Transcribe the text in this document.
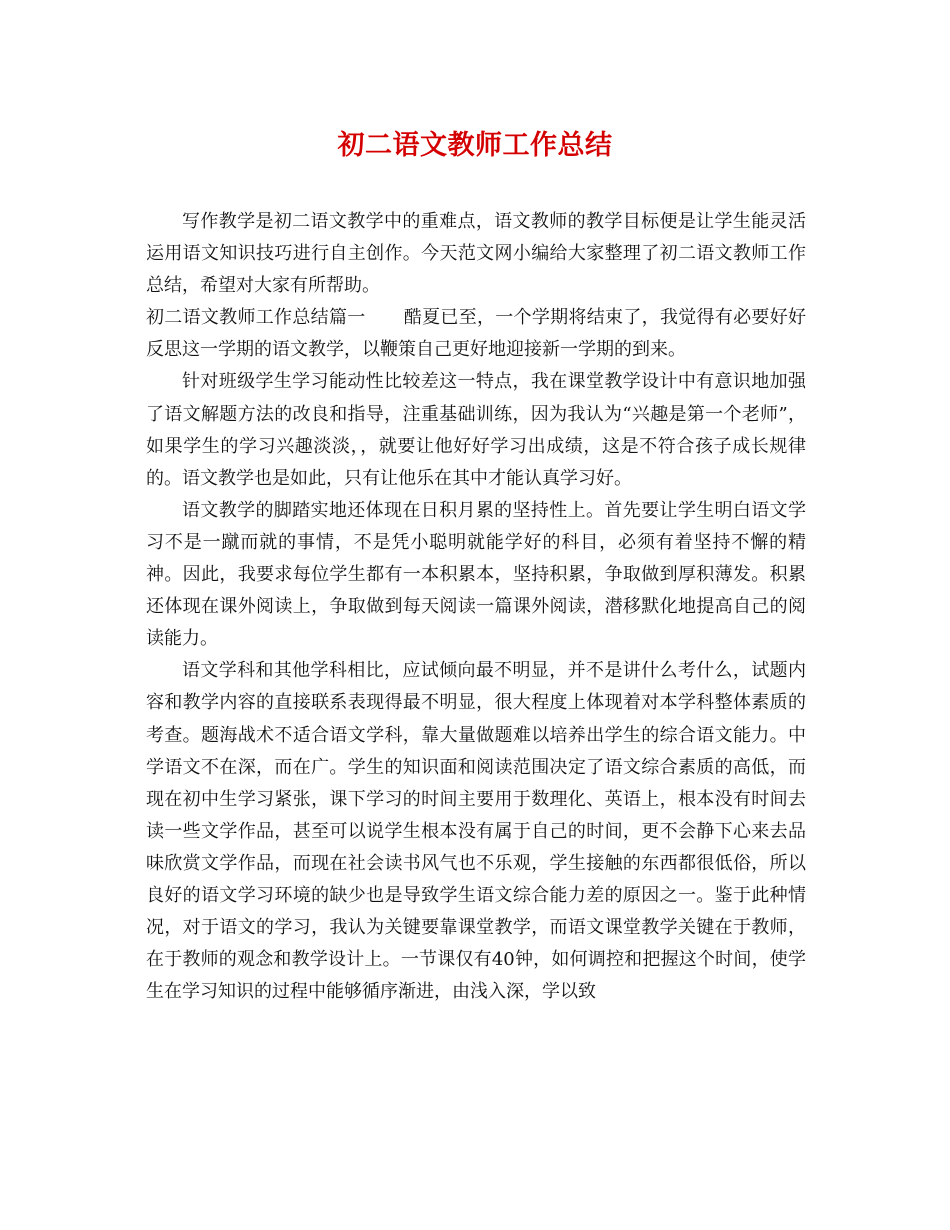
初二语文教师工作总结

写作教学是初二语文教学中的重难点，语文教师的教学目标便是让学生能灵活运用语文知识技巧进行自主创作。今天范文网小编给大家整理了初二语文教师工作总结，希望对大家有所帮助。

初二语文教师工作总结篇一 酷夏已至，一个学期将结束了，我觉得有必要好好反思这一学期的语文教学，以鞭策自己更好地迎接新一学期的到来。

针对班级学生学习能动性比较差这一特点，我在课堂教学设计中有意识地加强了语文解题方法的改良和指导，注重基础训练，因为我认为“兴趣是第一个老师”，如果学生的学习兴趣淡淡，，就要让他好好学习出成绩，这是不符合孩子成长规律的。语文教学也是如此，只有让他乐在其中才能认真学习好。

语文教学的脚踏实地还体现在日积月累的坚持性上。首先要让学生明白语文学习不是一蹴而就的事情，不是凭小聪明就能学好的科目，必须有着坚持不懈的精神。因此，我要求每位学生都有一本积累本，坚持积累，争取做到厚积薄发。积累还体现在课外阅读上，争取做到每天阅读一篇课外阅读，潜移默化地提高自己的阅读能力。

语文学科和其他学科相比，应试倾向最不明显，并不是讲什么考什么，试题内容和教学内容的直接联系表现得最不明显，很大程度上体现着对本学科整体素质的考查。题海战术不适合语文学科，靠大量做题难以培养出学生的综合语文能力。中学语文不在深，而在广。学生的知识面和阅读范围决定了语文综合素质的高低，而现在初中生学习紧张，课下学习的时间主要用于数理化、英语上，根本没有时间去读一些文学作品，甚至可以说学生根本没有属于自己的时间，更不会静下心来去品味欣赏文学作品，而现在社会读书风气也不乐观，学生接触的东西都很低俗，所以良好的语文学习环境的缺少也是导致学生语文综合能力差的原因之一。鉴于此种情况，对于语文的学习，我认为关键要靠课堂教学，而语文课堂教学关键在于教师，在于教师的观念和教学设计上。一节课仅有40钟，如何调控和把握这个时间，使学生在学习知识的过程中能够循序渐进，由浅入深，学以致
